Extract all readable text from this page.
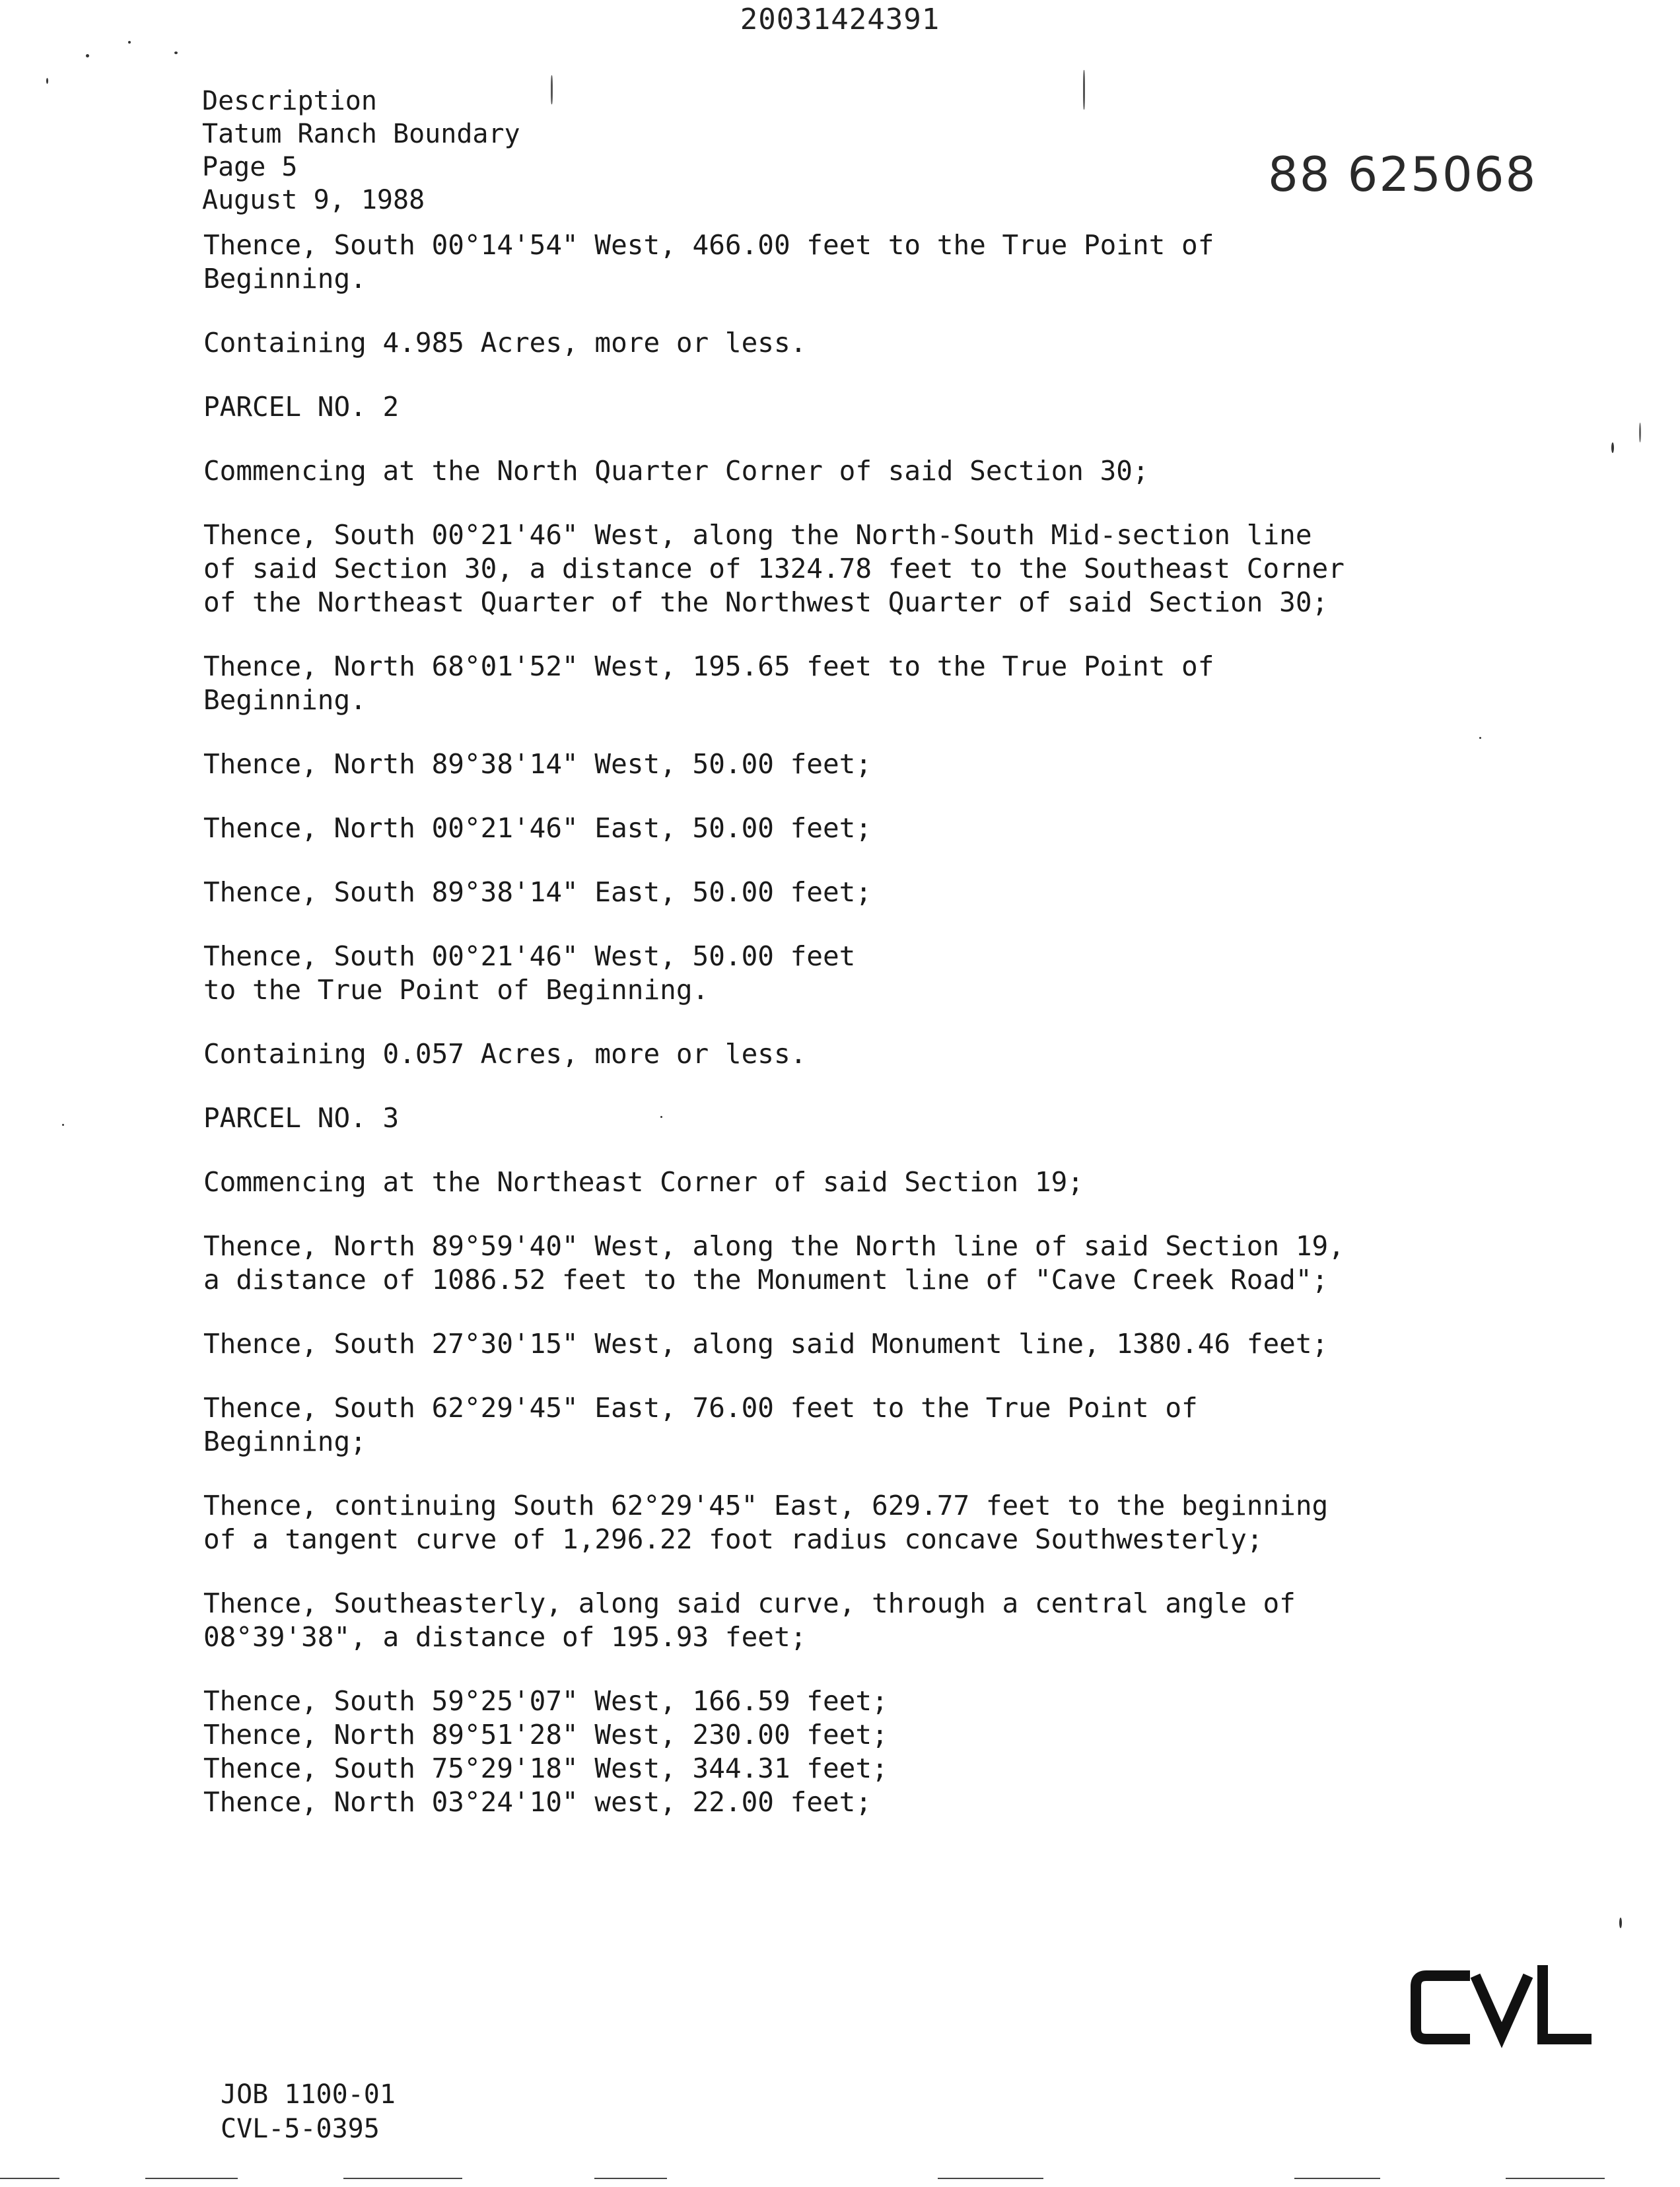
20031424391
Description
Tatum Ranch Boundary
Page 5
August 9, 1988	88 625068
Thence, South 00°14'54" West, 466.00 feet to the True Point of
Beginning.
Containing 4.985 Acres, more or less.
PARCEL NO. 2
Commencing at the North Quarter Corner of said Section 30;
Thence, South 00°21'46" West, along the North-South Mid-section line
of said Section 30, a distance of 1324.78 feet to the Southeast Corner
of the Northeast Quarter of the Northwest Quarter of said Section 30;
Thence, North 68°01'52" West, 195.65 feet to the True Point of
Beginning.
Thence, North 89°38'14" West, 50.00 feet;
Thence, North 00°21'46" East, 50.00 feet;
Thence, South 89°38'14" East, 50.00 feet;
Thence, South 00°21'46" West, 50.00 feet
to the True Point of Beginning.
Containing 0.057 Acres, more or less.
PARCEL NO. 3
Commencing at the Northeast Corner of said Section 19;
Thence, North 89°59'40" West, along the North line of said Section 19,
a distance of 1086.52 feet to the Monument line of "Cave Creek Road";
Thence, South 27°30'15" West, along said Monument line, 1380.46 feet;
Thence, South 62°29'45" East, 76.00 feet to the True Point of
Beginning;
Thence, continuing South 62°29'45" East, 629.77 feet to the beginning
of a tangent curve of 1,296.22 foot radius concave Southwesterly;
Thence, Southeasterly, along said curve, through a central angle of
08°39'38", a distance of 195.93 feet;
Thence, South 59°25'07" West, 166.59 feet;
Thence, North 89°51'28" West, 230.00 feet;
Thence, South 75°29'18" West, 344.31 feet;
Thence, North 03°24'10" west, 22.00 feet;
JOB 1100-01
CVL-5-0395
